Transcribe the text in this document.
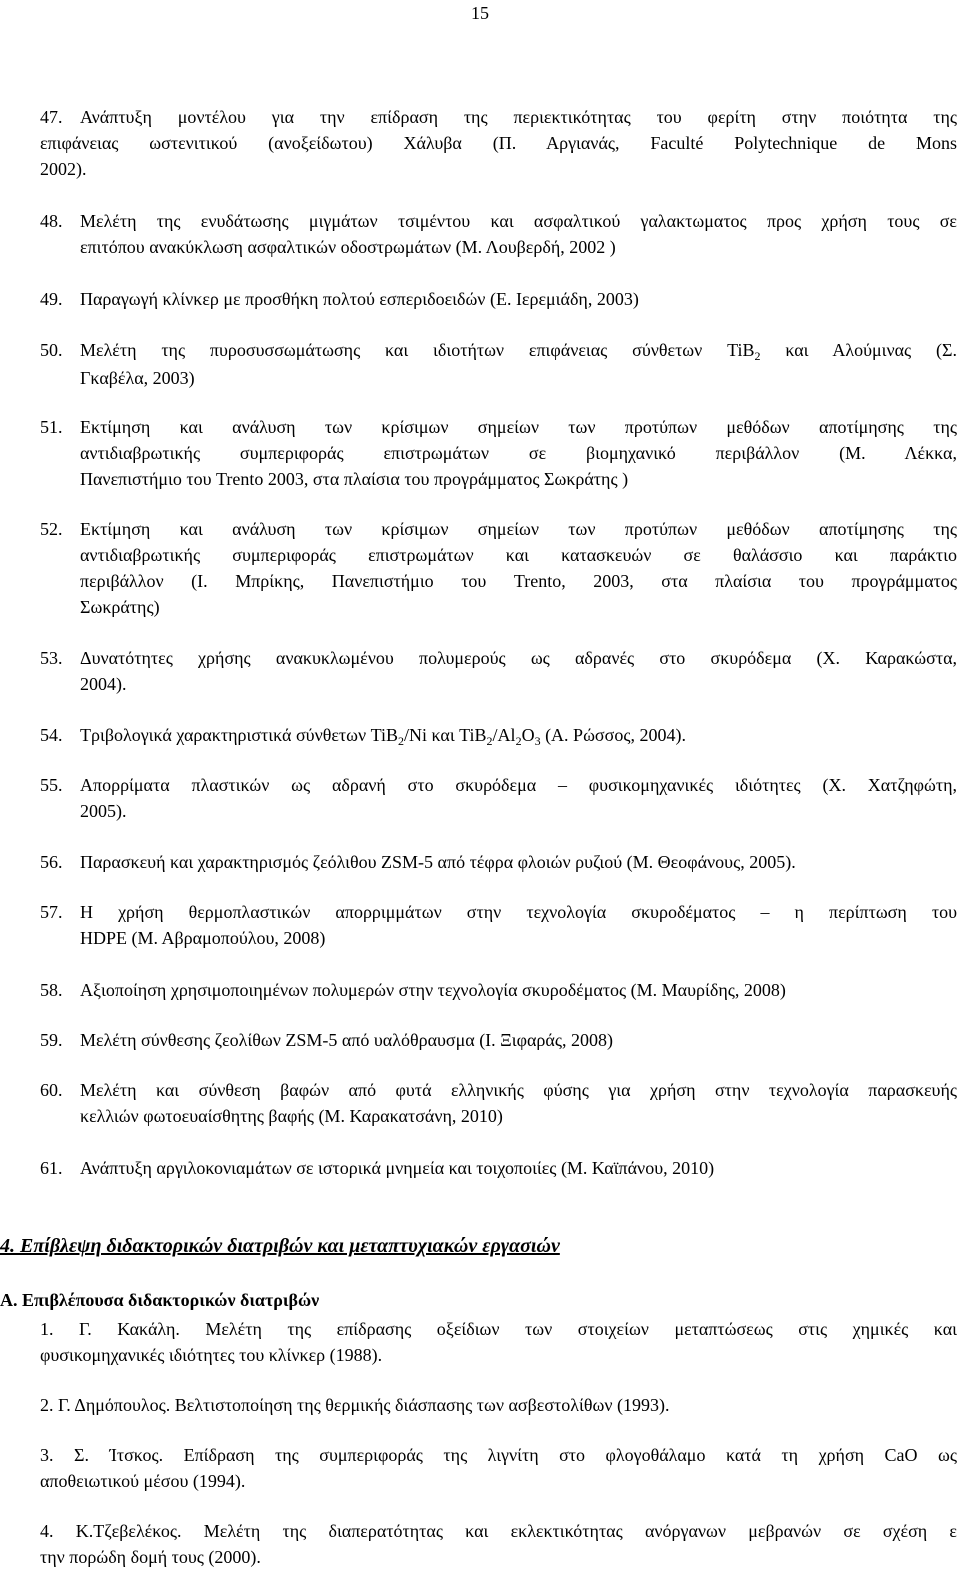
15
47. Ανάπτυξη μοντέλου για την επίδραση της περιεκτικότητας του φερίτη στην ποιότητα της
επιφάνειας ωστενιτικού (ανοξείδωτου) Χάλυβα (Π. Αργιανάς, Faculté Polytechnique de Mons
2002).
48. Μελέτη της ενυδάτωσης μιγμάτων τσιμέντου και ασφαλτικού γαλακτωματος προς χρήση τους σε
επιτόπου ανακύκλωση ασφαλτικών οδοστρωμάτων (Μ. Λουβερδή, 2002 )
49. Παραγωγή κλίνκερ με προσθήκη πολτού εσπεριδοειδών (Ε. Ιερεμιάδη, 2003)
50. Μελέτη της πυροσυσσωμάτωσης και ιδιοτήτων επιφάνειας σύνθετων TiB$_2$ και Αλούμινας (Σ.
Γκαβέλα, 2003)
51. Εκτίμηση και ανάλυση των κρίσιμων σημείων των προτύπων μεθόδων αποτίμησης της
αντιδιαβρωτικής συμπεριφοράς επιστρωμάτων σε βιομηχανικό περιβάλλον (Μ. Λέκκα,
Πανεπιστήμιο του Trento 2003, στα πλαίσια του προγράμματος Σωκράτης )
52. Εκτίμηση και ανάλυση των κρίσιμων σημείων των προτύπων μεθόδων αποτίμησης της
αντιδιαβρωτικής συμπεριφοράς επιστρωμάτων και κατασκευών σε θαλάσσιο και παράκτιο
περιβάλλον (Ι. Μπρίκης, Πανεπιστήμιο του Trento, 2003, στα πλαίσια του προγράμματος
Σωκράτης)
53. Δυνατότητες χρήσης ανακυκλωμένου πολυμερούς ως αδρανές στο σκυρόδεμα (Χ. Καρακώστα,
2004).
54. Τριβολογικά χαρακτηριστικά σύνθετων TiB$_2$/Ni και $TiB_2/Al_2O_3$ (Α. Ρώσσος, 2004).
55. Απορρίματα πλαστικών ως αδρανή στο σκυρόδεμα – φυσικομηχανικές ιδιότητες (Χ. Χατζηφώτη,
2005).
56. Παρασκευή και χαρακτηρισμός ζεόλιθου ZSM-5 από τέφρα φλοιών ρυζιού (Μ. Θεοφάνους, 2005).
57. Η χρήση θερμοπλαστικών απορριμμάτων στην τεχνολογία σκυροδέματος – η περίπτωση του
HDPE (Μ. Αβραμοπούλου, 2008)
58. Αξιοποίηση χρησιμοποιημένων πολυμερών στην τεχνολογία σκυροδέματος (Μ. Μαυρίδης, 2008)
59. Μελέτη σύνθεσης ζεολίθων ZSM-5 από υαλόθραυσμα (Ι. Ξιφαράς, 2008)
60. Μελέτη και σύνθεση βαφών από φυτά ελληνικής φύσης για χρήση στην τεχνολογία παρασκευής
κελλιών φωτοευαίσθητης βαφής (Μ. Καρακατσάνη, 2010)
61. Ανάπτυξη αργιλοκονιαμάτων σε ιστορικά μνημεία και τοιχοποιίες (Μ. Καϊπάνου, 2010)
4. Επίβλεψη διδακτορικών διατριβών και μεταπτυχιακών εργασιών
Α. Επιβλέπουσα διδακτορικών διατριβών
1. Γ. Κακάλη. Μελέτη της επίδρασης οξείδιων των στοιχείων μεταπτώσεως στις χημικές και
φυσικομηχανικές ιδιότητες του κλίνκερ (1988).
2. Γ. Δημόπουλος. Βελτιστοποίηση της θερμικής διάσπασης των ασβεστολίθων (1993).
3. Σ. Ίτσκος. Επίδραση της συμπεριφοράς της λιγνίτη στο φλογοθάλαμο κατά τη χρήση CaO ως
αποθειωτικού μέσου (1994).
4. Κ.Τζεβελέκος. Μελέτη της διαπερατότητας και εκλεκτικότητας ανόργανων μεβρανών σε σχέση ε
την πορώδη δομή τους (2000).
